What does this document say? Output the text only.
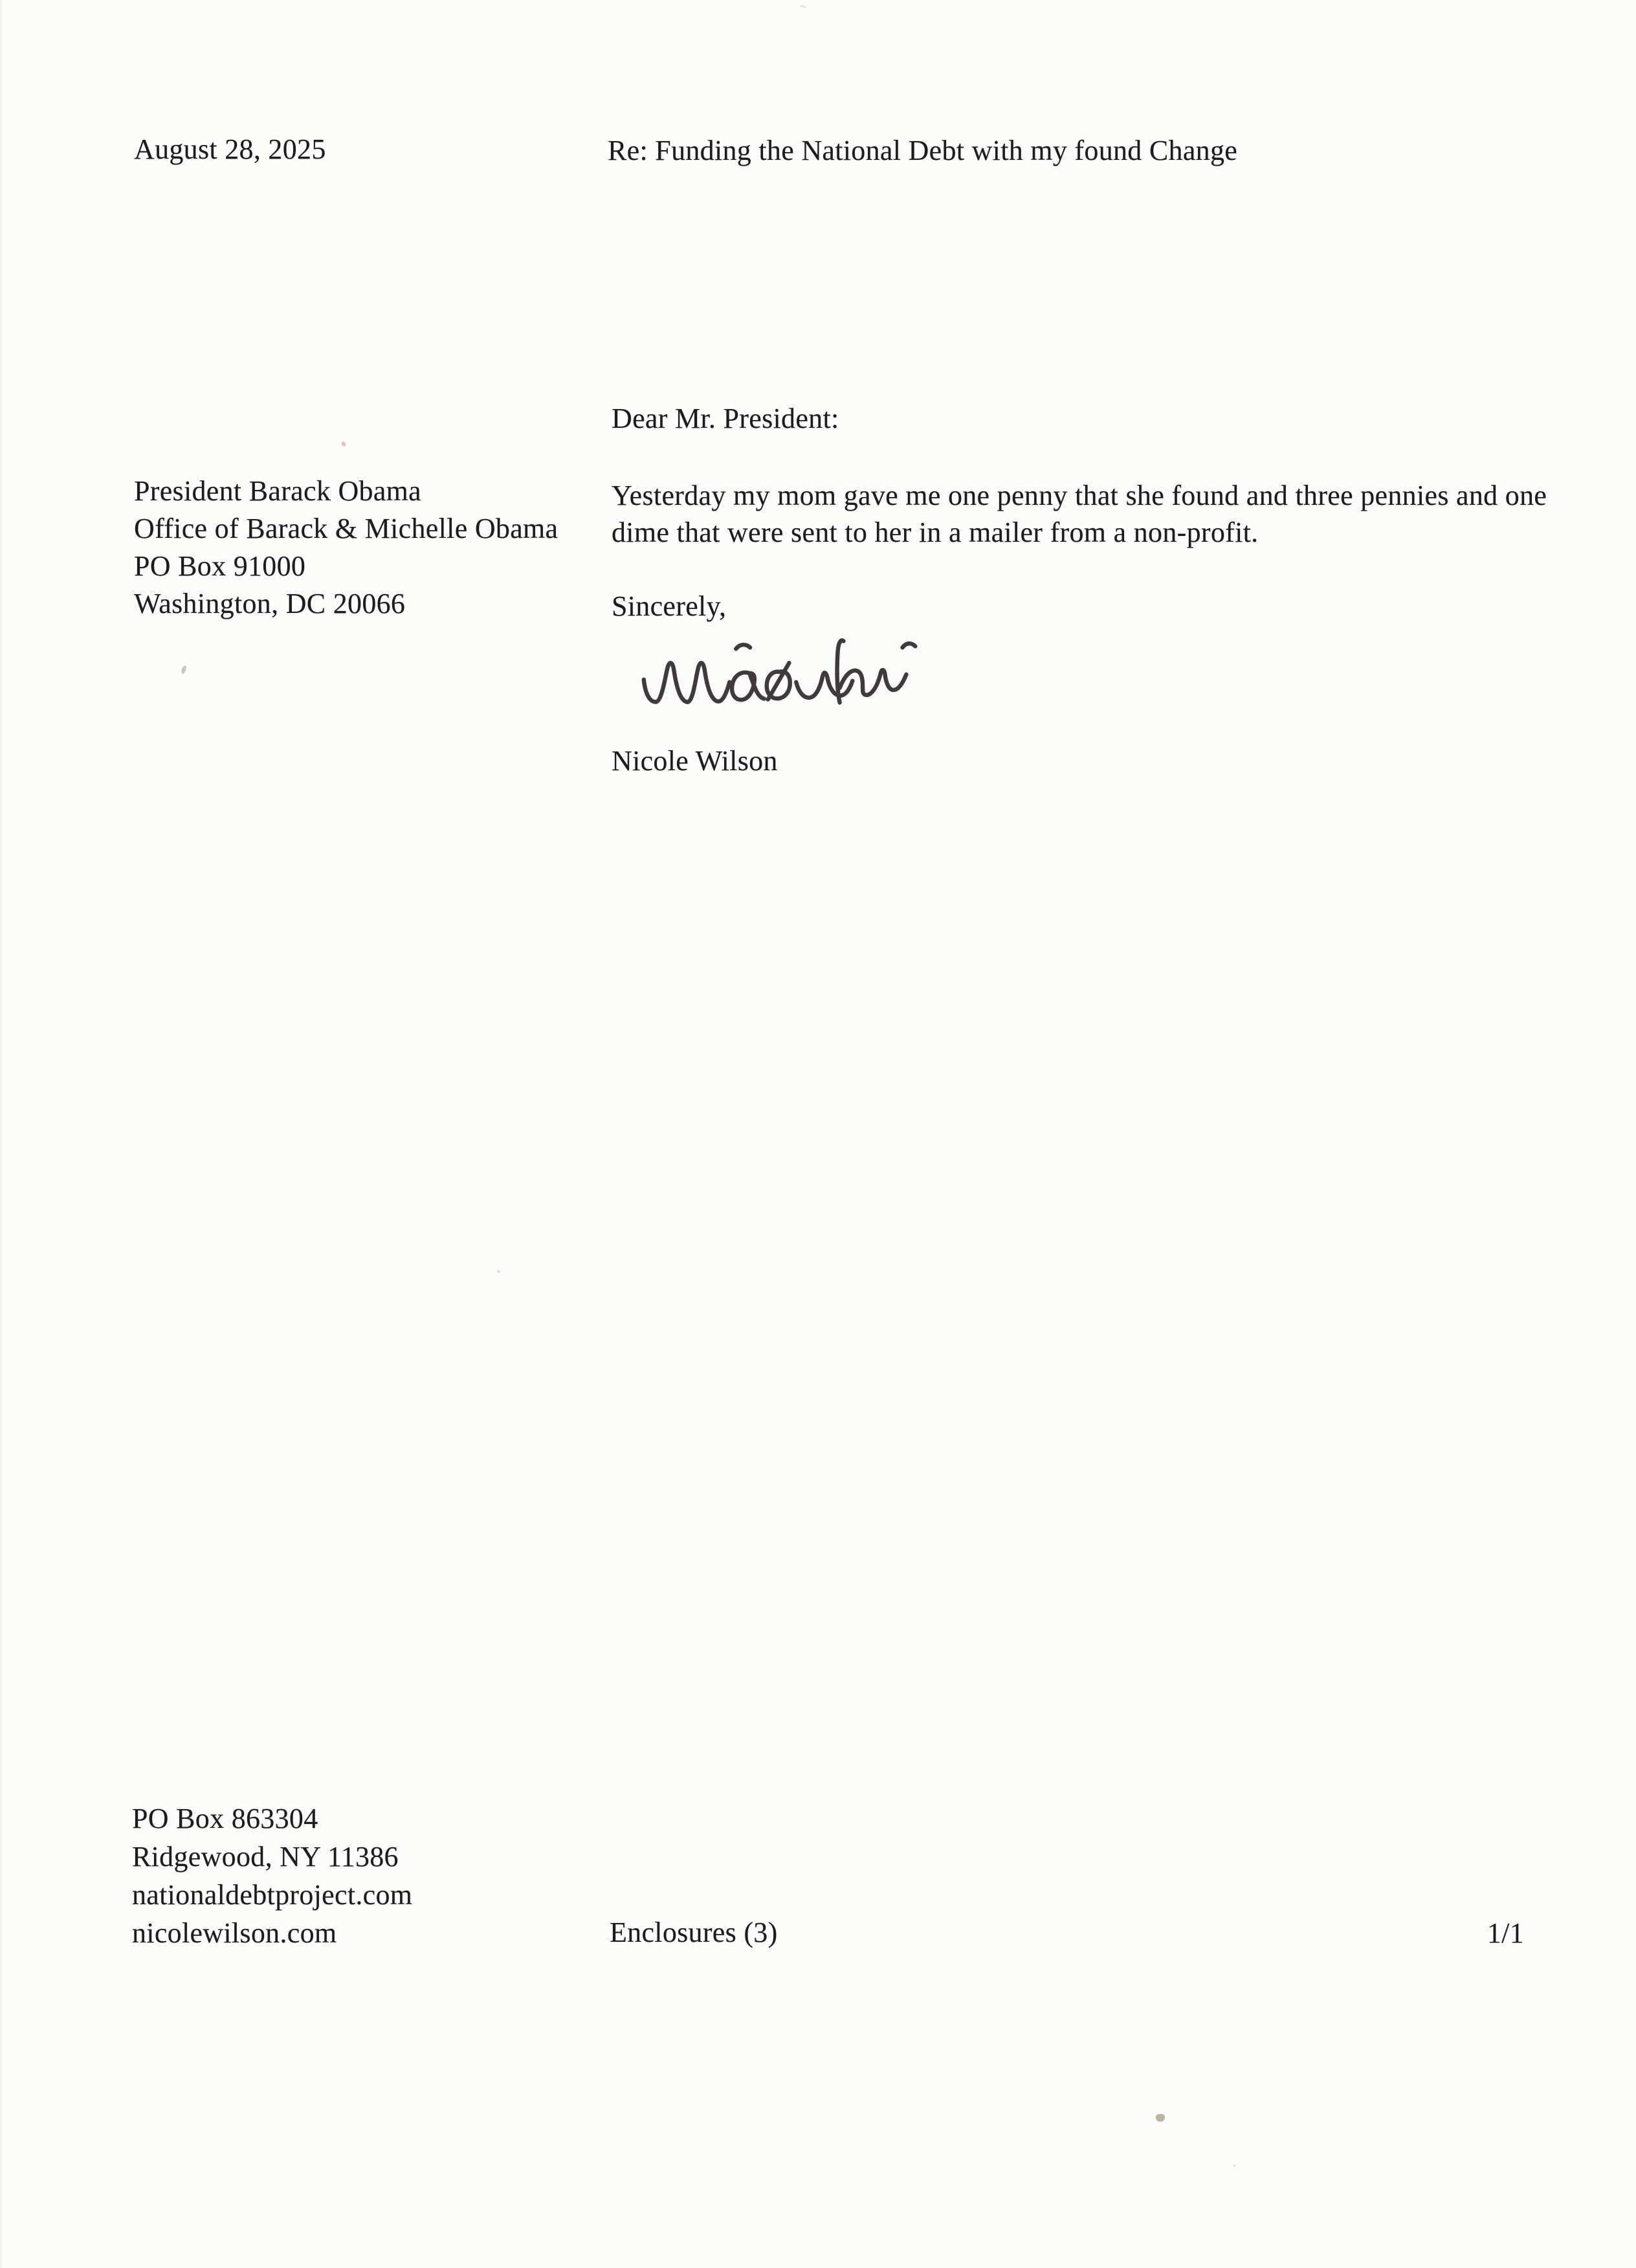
August 28, 2025	Re: Funding the National Debt with my found Change
President Barack Obama
Office of Barack & Michelle Obama
PO Box 91000
Washington, DC 20066
Dear Mr. President:
Yesterday my mom gave me one penny that she found and three pennies and one
dime that were sent to her in a mailer from a non-profit.
Sincerely,
Nicole Wilson
PO Box 863304
Ridgewood, NY 11386
nationaldebtproject.com
nicolewilson.com	Enclosures (3)	1/1
